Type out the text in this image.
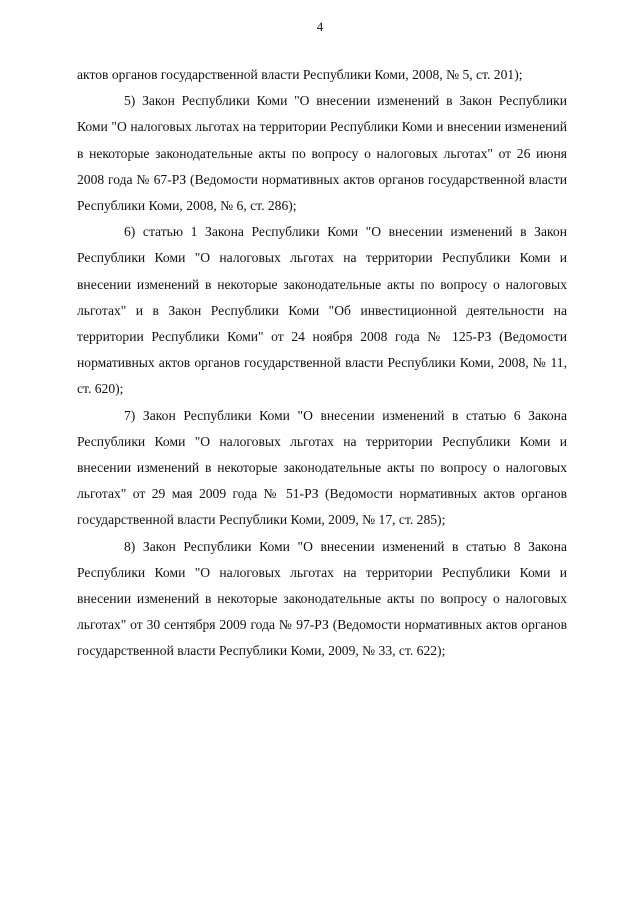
4

актов органов государственной власти Республики Коми, 2008, № 5, ст. 201);

5) Закон Республики Коми "О внесении изменений в Закон Республики Коми "О налоговых льготах на территории Республики Коми и внесении изменений в некоторые законодательные акты по вопросу о налоговых льготах" от 26 июня 2008 года № 67-РЗ (Ведомости нормативных актов органов государственной власти Республики Коми, 2008, № 6, ст. 286);

6) статью 1 Закона Республики Коми "О внесении изменений в Закон Республики Коми "О налоговых льготах на территории Республики Коми и внесении изменений в некоторые законодательные акты по вопросу о налоговых льготах" и в Закон Республики Коми "Об инвестиционной деятельности на территории Республики Коми" от 24 ноября 2008 года № 125-РЗ (Ведомости нормативных актов органов государственной власти Республики Коми, 2008, № 11, ст. 620);

7) Закон Республики Коми "О внесении изменений в статью 6 Закона Республики Коми "О налоговых льготах на территории Республики Коми и внесении изменений в некоторые законодательные акты по вопросу о налоговых льготах" от 29 мая 2009 года № 51-РЗ (Ведомости нормативных актов органов государственной власти Республики Коми, 2009, № 17, ст. 285);

8) Закон Республики Коми "О внесении изменений в статью 8 Закона Республики Коми "О налоговых льготах на территории Республики Коми и внесении изменений в некоторые законодательные акты по вопросу о налоговых льготах" от 30 сентября 2009 года № 97-РЗ (Ведомости нормативных актов органов государственной власти Республики Коми, 2009, № 33, ст. 622);
